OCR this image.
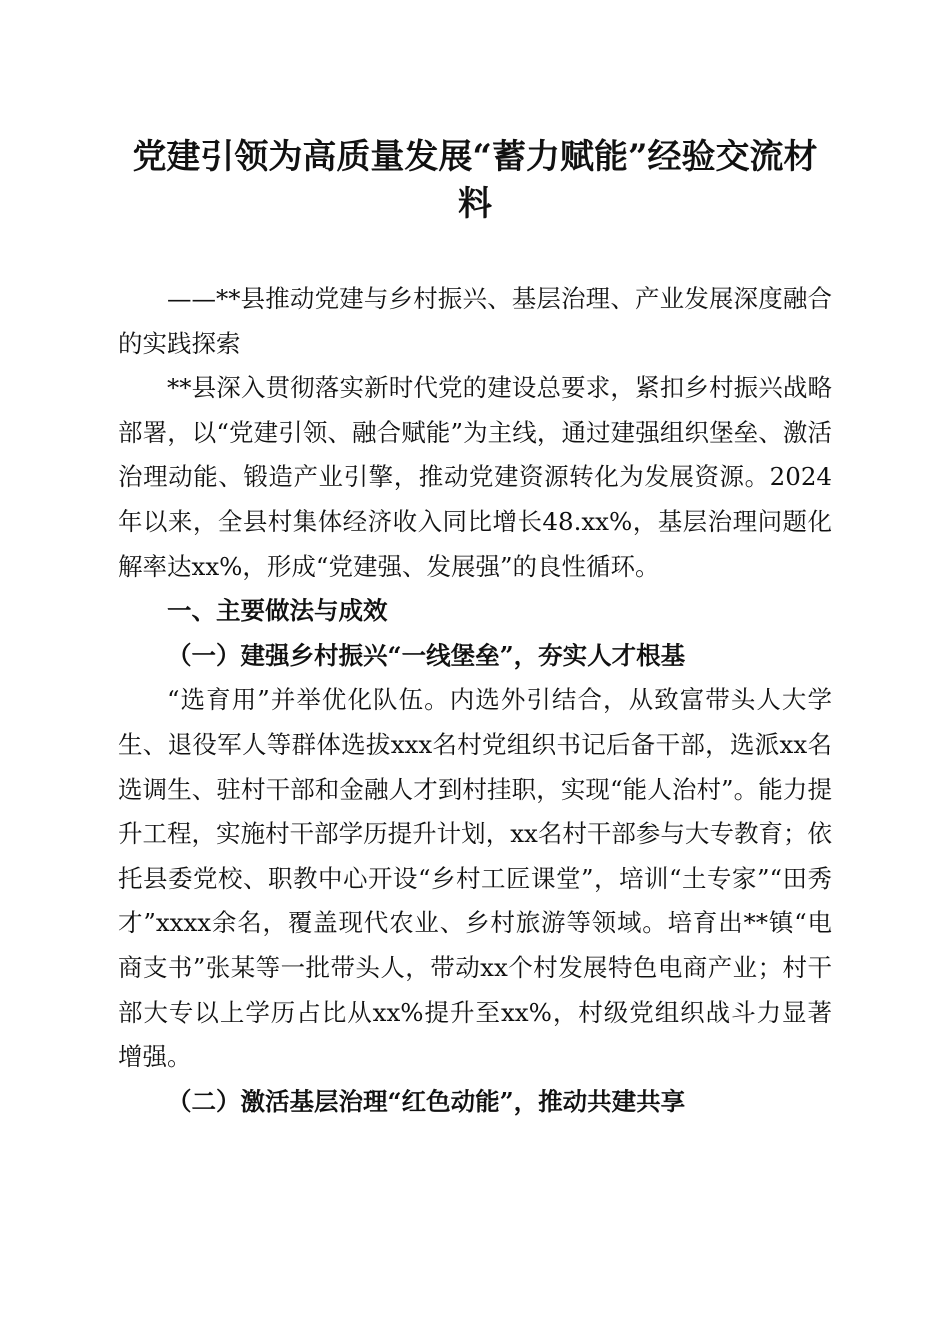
党建引领为高质量发展“蓄力赋能”经验交流材料

——**县推动党建与乡村振兴、基层治理、产业发展深度融合的实践探索

**县深入贯彻落实新时代党的建设总要求，紧扣乡村振兴战略部署，以“党建引领、融合赋能”为主线，通过建强组织堡垒、激活治理动能、锻造产业引擎，推动党建资源转化为发展资源。2024年以来，全县村集体经济收入同比增长48.xx%，基层治理问题化解率达xx%，形成“党建强、发展强”的良性循环。

一、主要做法与成效

（一）建强乡村振兴“一线堡垒”，夯实人才根基

“选育用”并举优化队伍。内选外引结合，从致富带头人大学生、退役军人等群体选拔xxx名村党组织书记后备干部，选派xx名选调生、驻村干部和金融人才到村挂职，实现“能人治村”。能力提升工程，实施村干部学历提升计划，xx名村干部参与大专教育；依托县委党校、职教中心开设“乡村工匠课堂”，培训“土专家”“田秀才”xxxx余名，覆盖现代农业、乡村旅游等领域。培育出**镇“电商支书”张某等一批带头人，带动xx个村发展特色电商产业；村干部大专以上学历占比从xx%提升至xx%，村级党组织战斗力显著增强。

（二）激活基层治理“红色动能”，推动共建共享
